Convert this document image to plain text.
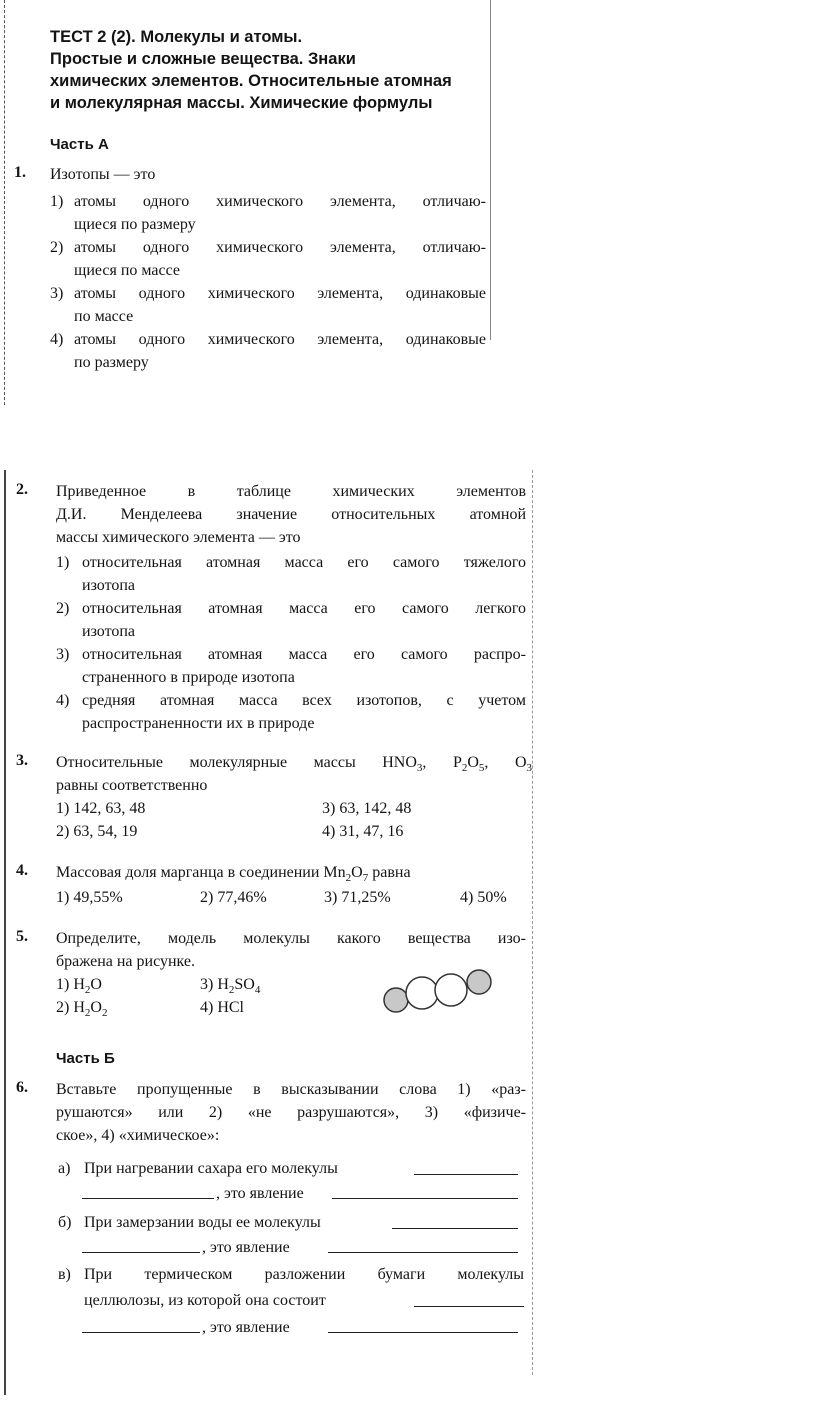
ТЕСТ 2 (2). Молекулы и атомы.
Простые и сложные вещества. Знаки
химических элементов. Относительные атомная
и молекулярная массы. Химические формулы
Часть А
1. Изотопы — это
1) атомы одного химического элемента, отличаю-
щиеся по размеру
2) атомы одного химического элемента, отличаю-
щиеся по массе
3) атомы одного химического элемента, одинаковые
по массе
4) атомы одного химического элемента, одинаковые
по размеру
2. Приведенное в таблице химических элементов
Д.И. Менделеева значение относительных атомной
массы химического элемента — это
1) относительная атомная масса его самого тяжелого
изотопа
2) относительная атомная масса его самого легкого
изотопа
3) относительная атомная масса его самого распро-
страненного в природе изотопа
4) средняя атомная масса всех изотопов, с учетом
распространенности их в природе
3. Относительные молекулярные массы $HNO_3$, $P_2O_5$, $O_3$
равны соответственно
1) 142, 63, 48	3) 63, 142, 48
2) 63, 54, 19	4) 31, 47, 16
4. Массовая доля марганца в соединении $Mn_2O_7$ равна
1) 49,55%	2) 77,46%	3) 71,25%	4) 50%
5. Определите, модель молекулы какого вещества изо-
бражена на рисунке.
1) $H_2O$	3) $H_2SO_4$
2) $H_2O_2$	4) HCl
Часть Б
6. Вставьте пропущенные в высказывании слова 1) «раз-
рушаются» или 2) «не разрушаются», 3) «физиче-
ское», 4) «химическое»:
а) При нагревании сахара его молекулы
, это явление
б) При замерзании воды ее молекулы
, это явление
в) При термическом разложении бумаги молекулы
целлюлозы, из которой она состоит
, это явление
